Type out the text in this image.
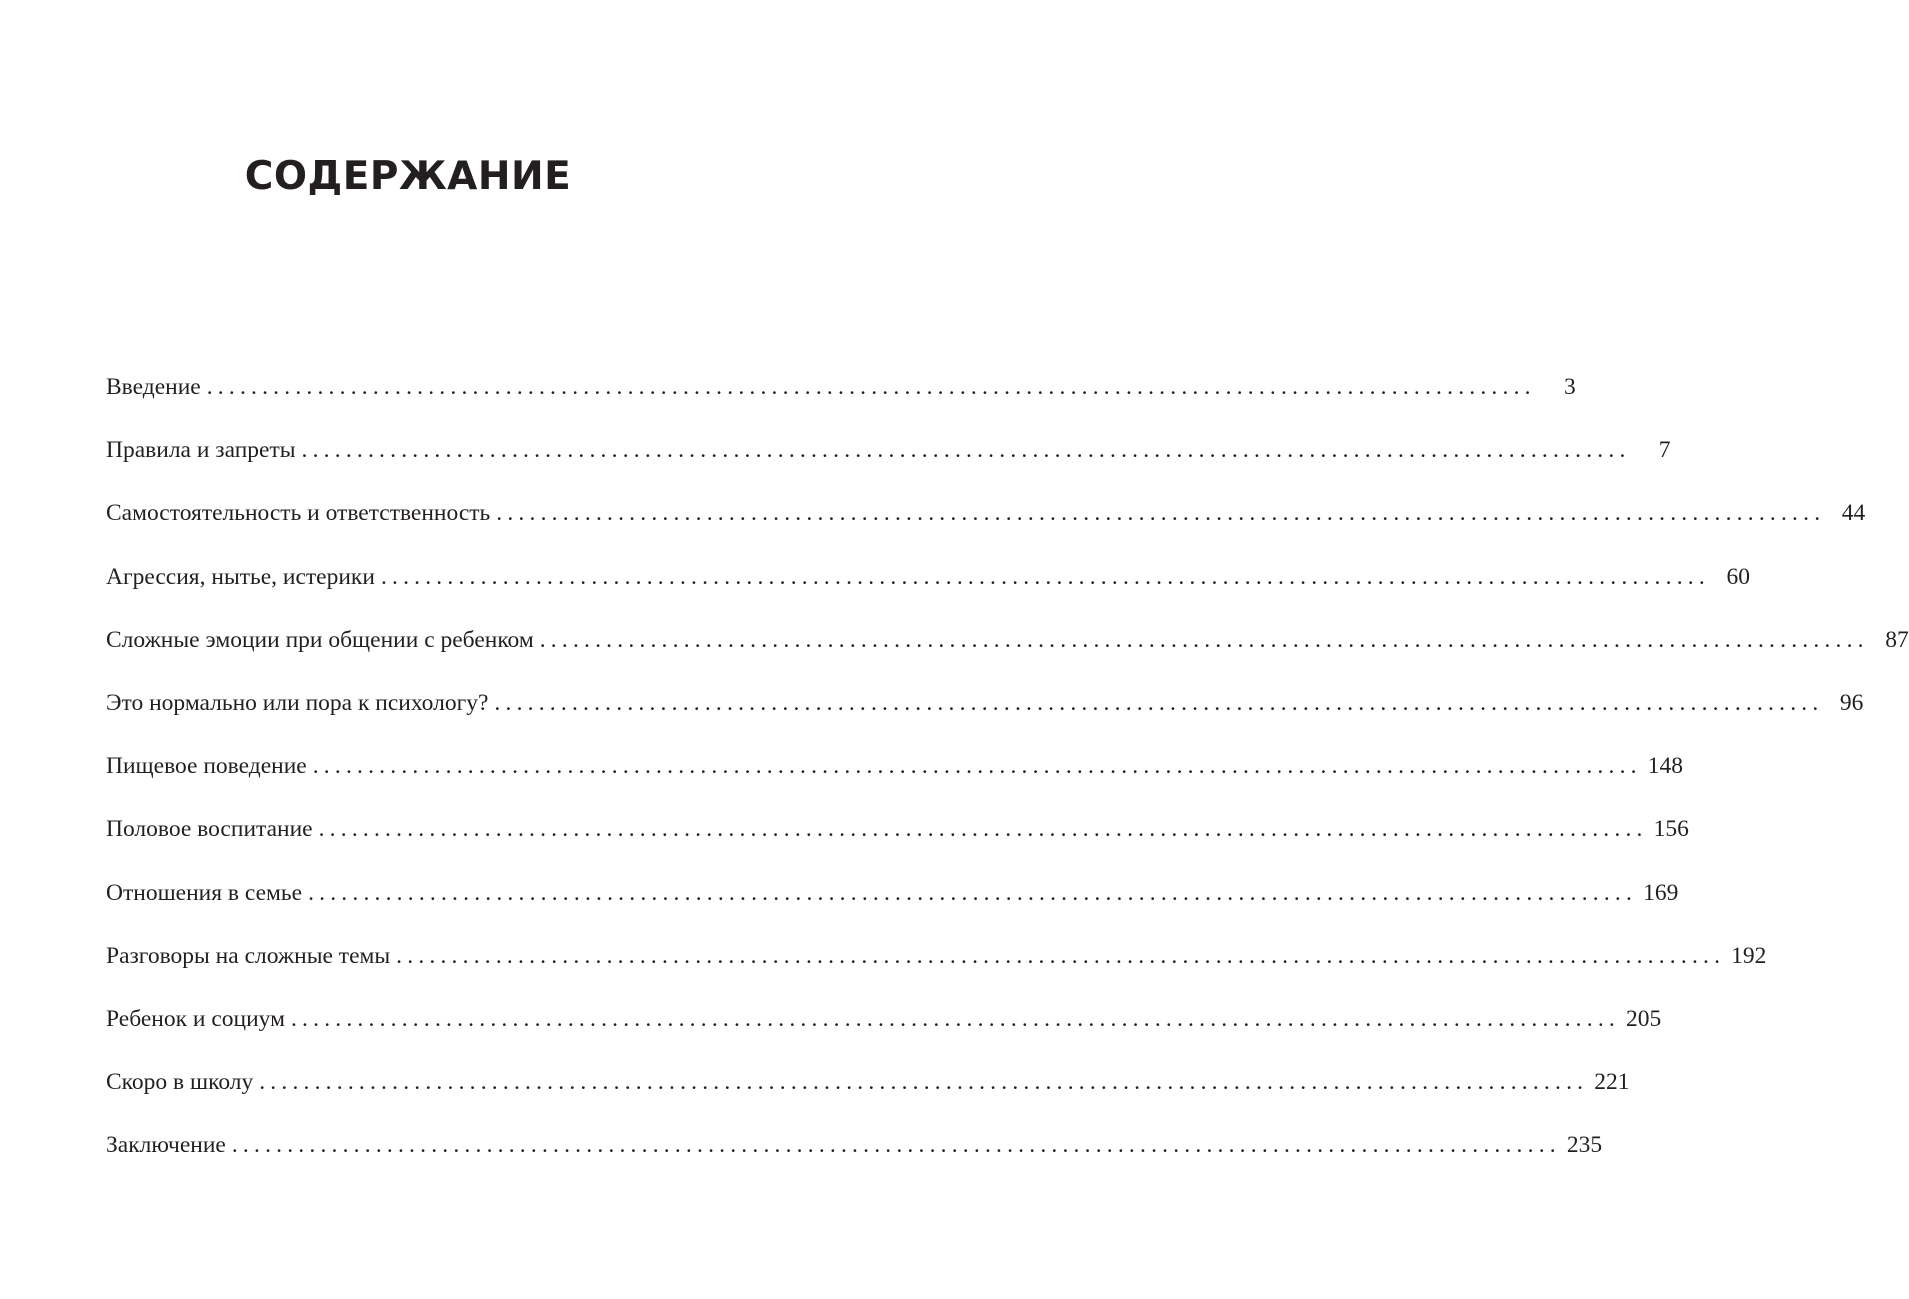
СОДЕРЖАНИЕ
Введение ........................................................................................................................	3
Правила и запреты ........................................................................................................................	7
Самостоятельность и ответственность ........................................................................................................................ 44
Агрессия, нытье, истерики ........................................................................................................................ 60
Сложные эмоции при общении с ребенком ........................................................................................................................ 87
Это нормально или пора к психологу? ........................................................................................................................ 96
Пищевое поведение ........................................................................................................................ 148
Половое воспитание ........................................................................................................................ 156
Отношения в семье ........................................................................................................................ 169
Разговоры на сложные темы ........................................................................................................................ 192
Ребенок и социум ........................................................................................................................ 205
Скоро в школу ........................................................................................................................ 221
Заключение ........................................................................................................................ 235
